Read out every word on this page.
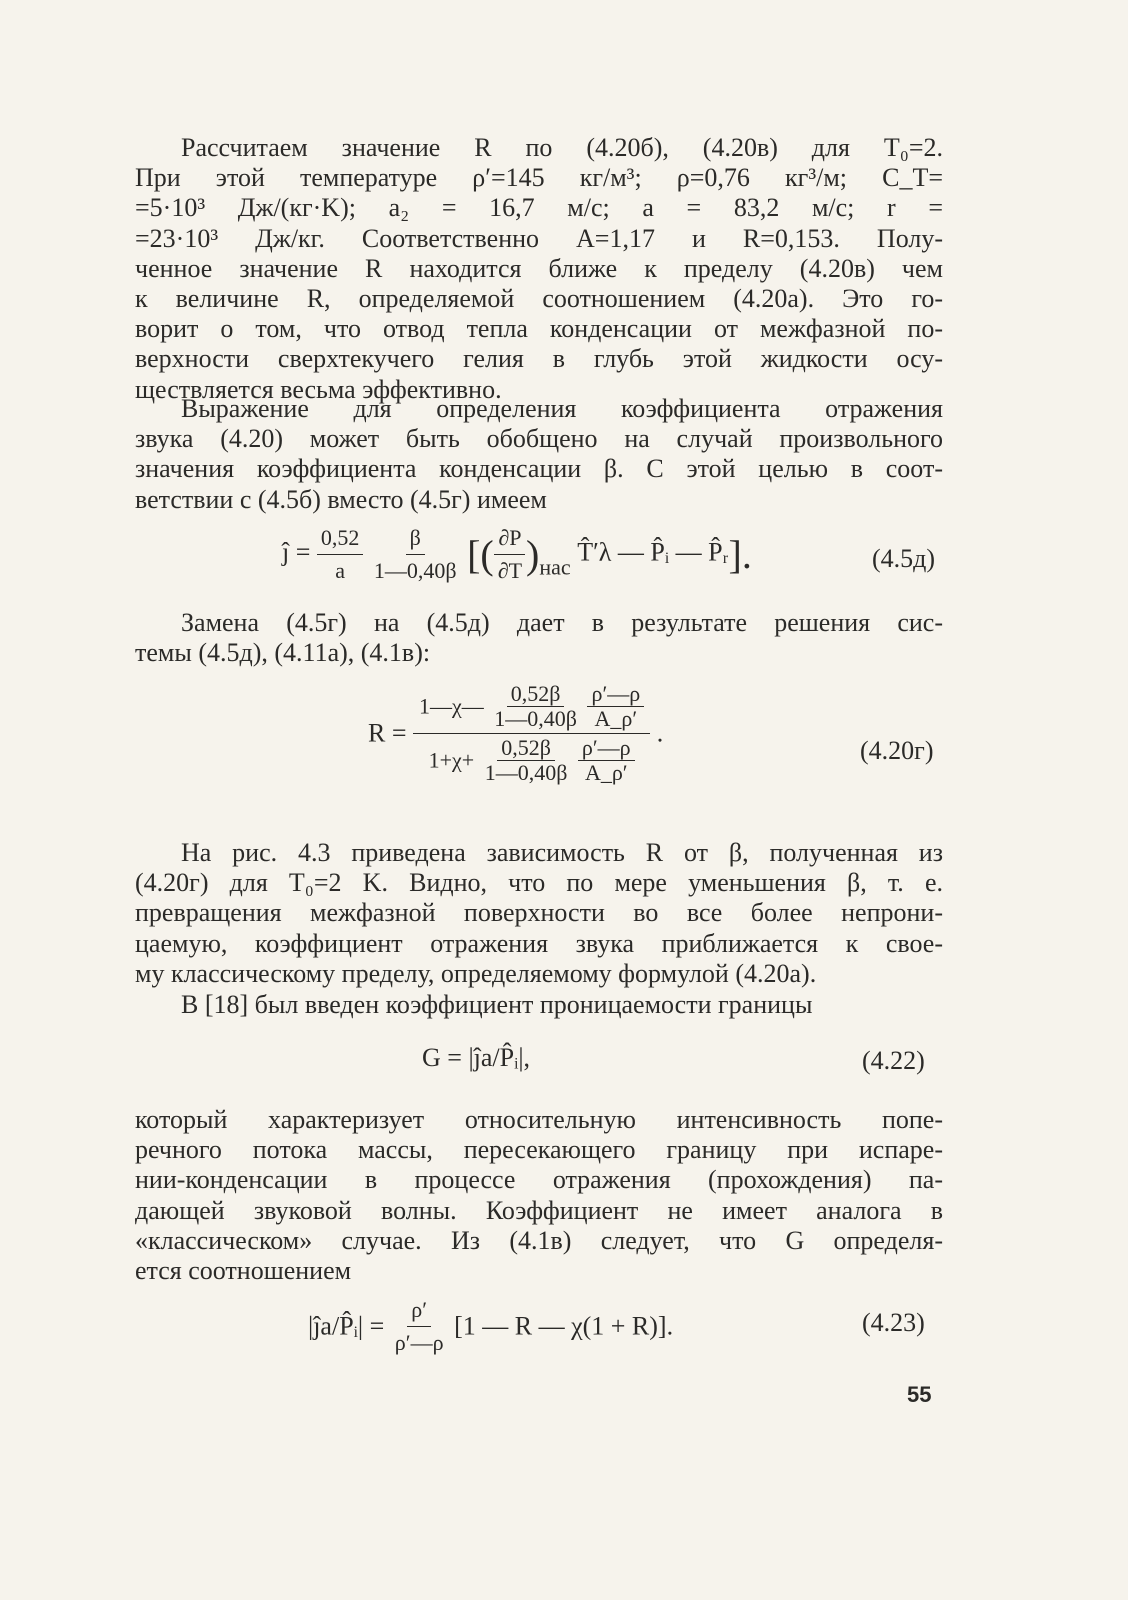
Рассчитаем значение R по (4.20б), (4.20в) для T₀=2.
При этой температуре ρ′=145 кг/м³; ρ=0,76 кг³/м; C_T=
=5·10³ Дж/(кг·K); a₂ = 16,7 м/с; a = 83,2 м/с; r =
=23·10³ Дж/кг. Соответственно A=1,17 и R=0,153. Полу-
ченное значение R находится ближе к пределу (4.20в) чем
к величине R, определяемой соотношением (4.20а). Это го-
ворит о том, что отвод тепла конденсации от межфазной по-
верхности сверхтекучего гелия в глубь этой жидкости осу-
ществляется весьма эффективно.

Выражение для определения коэффициента отражения
звука (4.20) может быть обобщено на случай произвольного
значения коэффициента конденсации β. С этой целью в соот-
ветствии с (4.5б) вместо (4.5г) имеем

ĵ = $\frac{0,52}{a}$
$\frac{\beta}{1—0,40\beta}$ [( $\frac{\partial P}{\partial T} )_{нас}$ T̂′λ — P̂ᵢ — P̂ᵣ].	(4.5д)

Замена (4.5г) на (4.5д) дает в результате решения сис-
темы (4.5д), (4.11а), (4.1в):

R =
1—χ— $\frac{0,52\beta}{1—0,40\beta}$
$\frac{\rho'—\rho}{A\_\rho'}$
$1+\chi+ \frac{0,52\beta}{1—0,40\beta}$
$\frac{\rho'—\rho}{A\_\rho'}$
.
(4.20г)

На рис. 4.3 приведена зависимость R от β, полученная из
(4.20г) для T₀=2 K. Видно, что по мере уменьшения β, т. е.
превращения межфазной поверхности во все более непрони-
цаемую, коэффициент отражения звука приближается к свое-
му классическому пределу, определяемому формулой (4.20а).

В [18] был введен коэффициент проницаемости границы

G = |ĵa/P̂ᵢ|,	(4.22)

который характеризует относительную интенсивность попе-
речного потока массы, пересекающего границу при испаре-
нии-конденсации в процессе отражения (прохождения) па-
дающей звуковой волны. Коэффициент не имеет аналога в
«классическом» случае. Из (4.1в) следует, что G определя-
ется соотношением

|ĵa/P̂ᵢ| = $\frac{\rho'}{\rho'—\rho} [1$ — R — χ(1 + R)].	(4.23)
55
